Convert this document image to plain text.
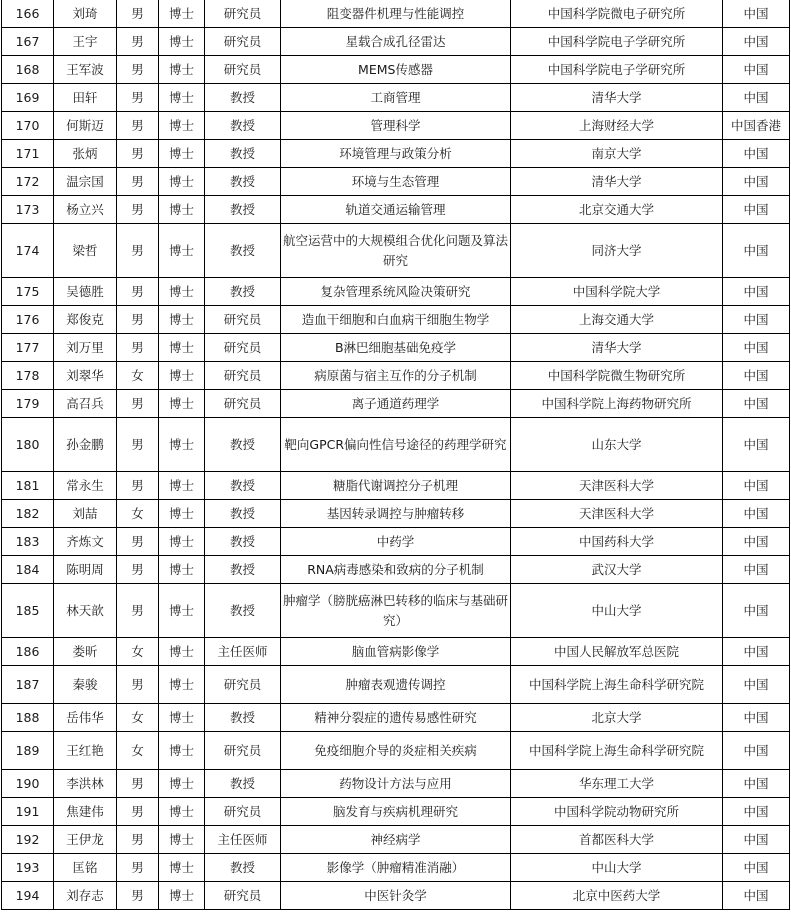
166	刘琦	男	博士	研究员	阻变器件机理与性能调控	中国科学院微电子研究所	中国
167	王宇	男	博士	研究员	星载合成孔径雷达	中国科学院电子学研究所	中国
168	王军波	男	博士	研究员	MEMS传感器	中国科学院电子学研究所	中国
169	田轩	男	博士	教授	工商管理	清华大学	中国
170	何斯迈	男	博士	教授	管理科学	上海财经大学	中国香港
171	张炳	男	博士	教授	环境管理与政策分析	南京大学	中国
172	温宗国	男	博士	教授	环境与生态管理	清华大学	中国
173	杨立兴	男	博士	教授	轨道交通运输管理	北京交通大学	中国
174	梁哲	男	博士	教授	航空运营中的大规模组合优化问题及算法研究	同济大学	中国
175	吴德胜	男	博士	教授	复杂管理系统风险决策研究	中国科学院大学	中国
176	郑俊克	男	博士	研究员	造血干细胞和白血病干细胞生物学	上海交通大学	中国
177	刘万里	男	博士	研究员	B淋巴细胞基础免疫学	清华大学	中国
178	刘翠华	女	博士	研究员	病原菌与宿主互作的分子机制	中国科学院微生物研究所	中国
179	高召兵	男	博士	研究员	离子通道药理学	中国科学院上海药物研究所	中国
180	孙金鹏	男	博士	教授	靶向GPCR偏向性信号途径的药理学研究	山东大学	中国
181	常永生	男	博士	教授	糖脂代谢调控分子机理	天津医科大学	中国
182	刘喆	女	博士	教授	基因转录调控与肿瘤转移	天津医科大学	中国
183	齐炼文	男	博士	教授	中药学	中国药科大学	中国
184	陈明周	男	博士	教授	RNA病毒感染和致病的分子机制	武汉大学	中国
185	林天歆	男	博士	教授	肿瘤学（膀胱癌淋巴转移的临床与基础研究）	中山大学	中国
186	娄昕	女	博士	主任医师	脑血管病影像学	中国人民解放军总医院	中国
187	秦骏	男	博士	研究员	肿瘤表观遗传调控	中国科学院上海生命科学研究院	中国
188	岳伟华	女	博士	教授	精神分裂症的遗传易感性研究	北京大学	中国
189	王红艳	女	博士	研究员	免疫细胞介导的炎症相关疾病	中国科学院上海生命科学研究院	中国
190	李洪林	男	博士	教授	药物设计方法与应用	华东理工大学	中国
191	焦建伟	男	博士	研究员	脑发育与疾病机理研究	中国科学院动物研究所	中国
192	王伊龙	男	博士	主任医师	神经病学	首都医科大学	中国
193	匡铭	男	博士	教授	影像学（肿瘤精准消融）	中山大学	中国
194	刘存志	男	博士	研究员	中医针灸学	北京中医药大学	中国
